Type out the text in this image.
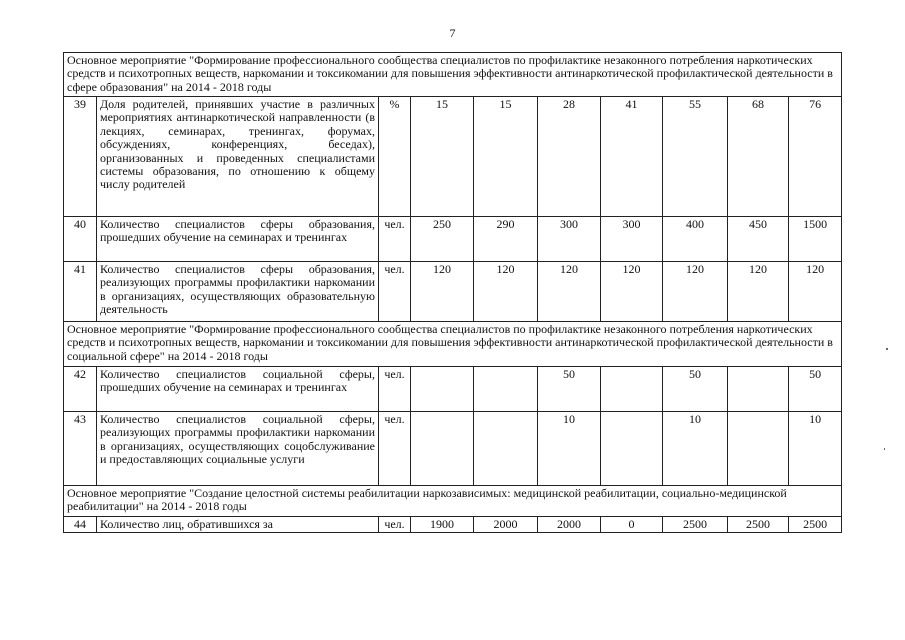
7
Основное мероприятие "Формирование профессионального сообщества специалистов по профилактике незаконного потребления наркотических средств и психотропных веществ, наркомании и токсикомании для повышения эффективности антинаркотической профилактической деятельности в сфере образования" на 2014 - 2018 годы									
39	Доля родителей, принявших участие в различных мероприятиях антинаркотической направленности (в лекциях, семинарах, тренингах, форумах, обсуждениях, конференциях, беседах), организованных и проведенных специалистами системы образования, по отношению к общему числу родителей	%	15	15	28	41	55	68	76
40	Количество специалистов сферы образования, прошедших обучение на семинарах и тренингах	чел.	250	290	300	300	400	450	1500
41	Количество специалистов сферы образования, реализующих программы профилактики наркомании в организациях, осуществляющих образовательную деятельность	чел.	120	120	120	120	120	120	120
Основное мероприятие "Формирование профессионального сообщества специалистов по профилактике незаконного потребления наркотических средств и психотропных веществ, наркомании и токсикомании для повышения эффективности антинаркотической профилактической деятельности в социальной сфере" на 2014 - 2018 годы									
42	Количество специалистов социальной сферы, прошедших обучение на семинарах и тренингах	чел.			50		50		50
43	Количество специалистов социальной сферы, реализующих программы профилактики наркомании в организациях, осуществляющих соцобслуживание и предоставляющих социальные услуги	чел.			10		10		10
Основное мероприятие "Создание целостной системы реабилитации наркозависимых: медицинской реабилитации, социально-медицинской реабилитации" на 2014 - 2018 годы									
44	Количество лиц, обратившихся за	чел.	1900	2000	2000	0	2500	2500	2500
